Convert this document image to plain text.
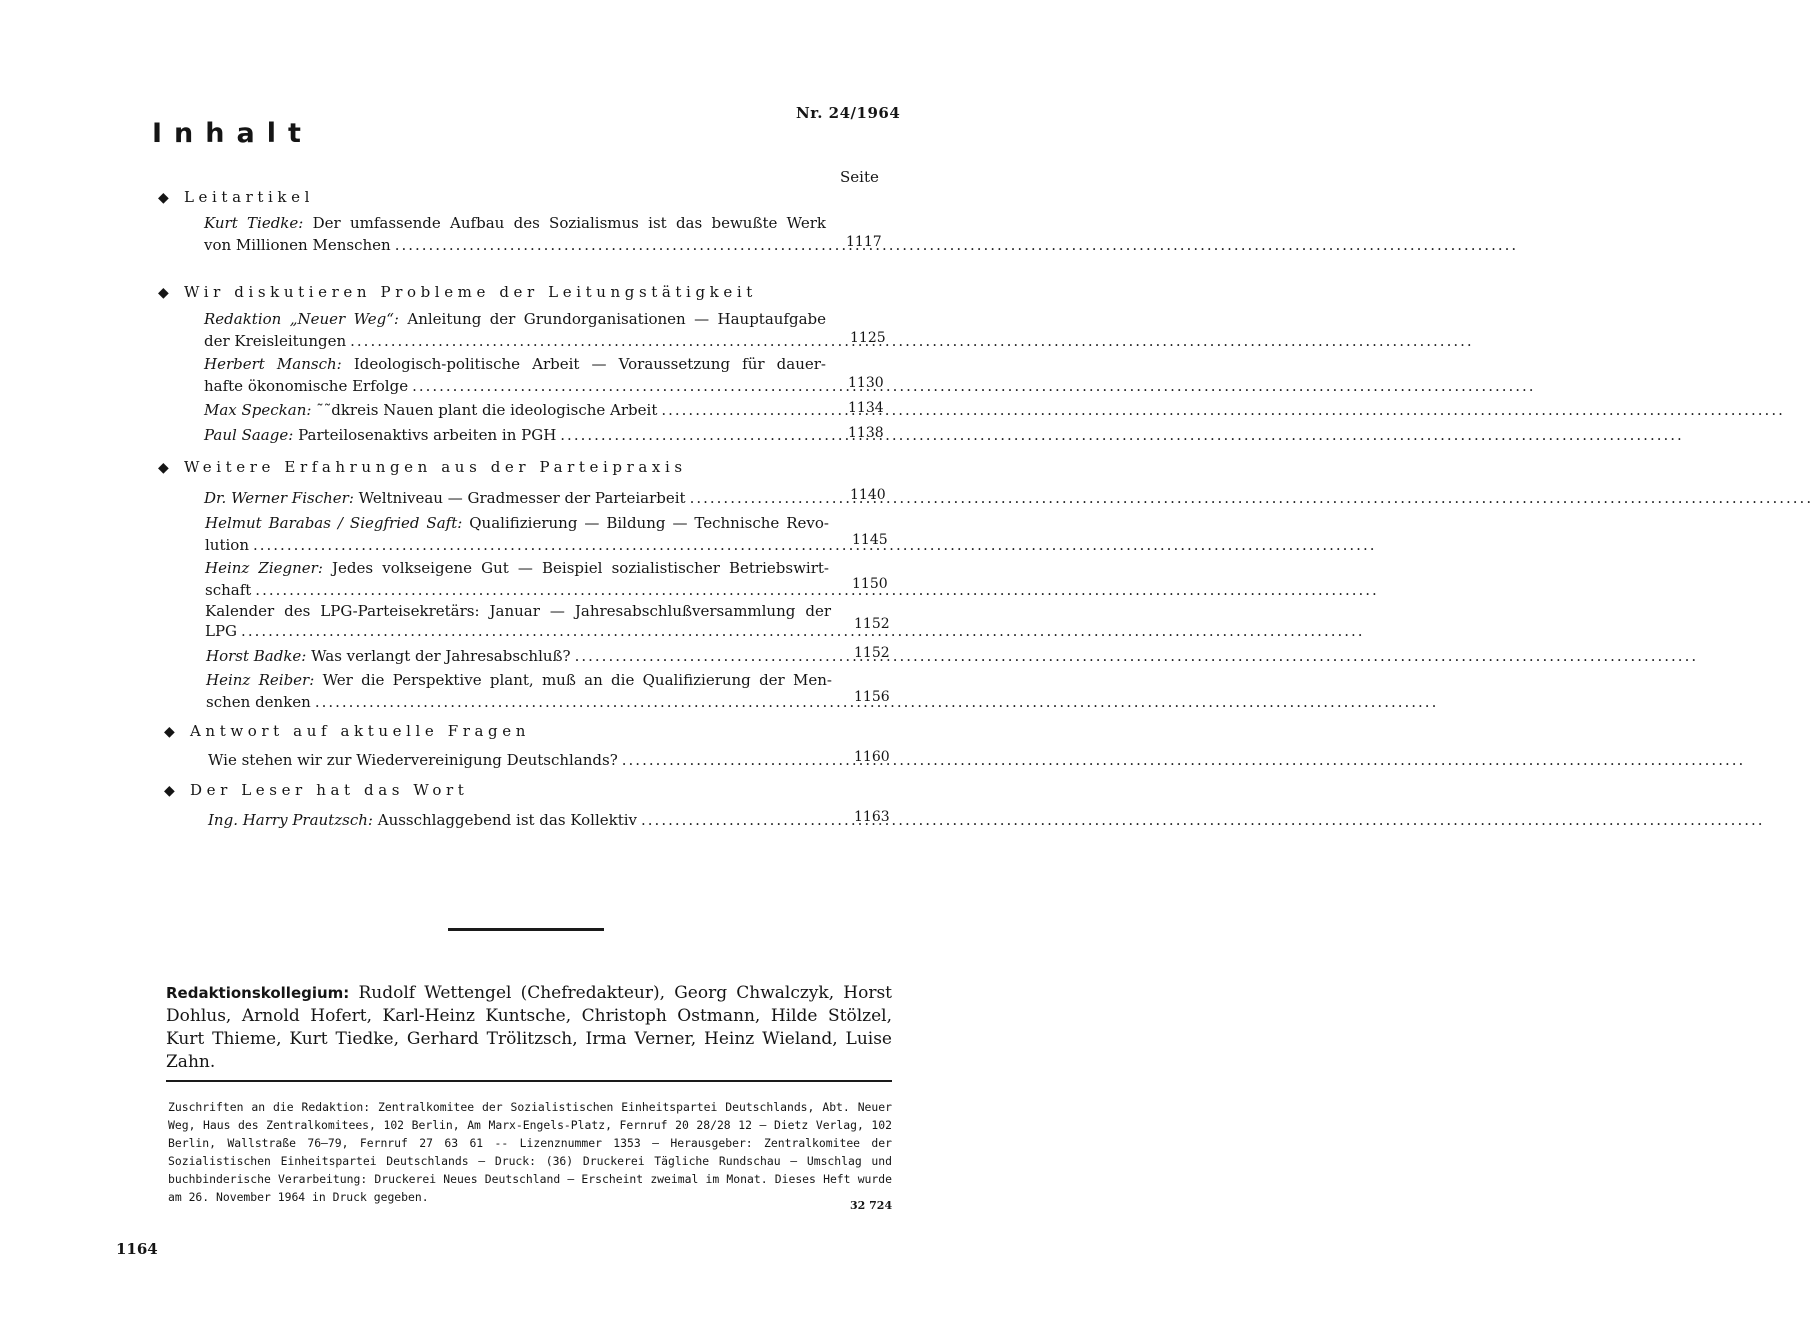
Nr. 24/1964
Inhalt
Seite
◆ Leitartikel
Kurt Tiedke: Der umfassende Aufbau des Sozialismus ist das bewußte Werk
von Millionen Menschen .....	1117
◆ Wir diskutieren Probleme der Leitungstätigkeit
Redaktion „Neuer Weg“: Anleitung der Grundorganisationen — Hauptaufgabe
der Kreisleitungen .....	1125
Herbert Mansch: Ideologisch-politische Arbeit — Voraussetzung für dauer-
hafte ökonomische Erfolge .....	1130
Max Speckan: ˜˜dkreis Nauen plant die ideologische Arbeit .....	1134
Paul Saage: Parteilosenaktivs arbeiten in PGH .....	1138
◆ Weitere Erfahrungen aus der Parteipraxis
Dr. Werner Fischer: Weltniveau — Gradmesser der Parteiarbeit .....	1140
Helmut Barabas / Siegfried Saft: Qualifizierung — Bildung — Technische Revo-
lution .....	1145
Heinz Ziegner: Jedes volkseigene Gut — Beispiel sozialistischer Betriebswirt-
schaft .....	1150
Kalender des LPG-Parteisekretärs: Januar — Jahresabschlußversammlung der
LPG .....	1152
Horst Badke: Was verlangt der Jahresabschluß? .....	1152
Heinz Reiber: Wer die Perspektive plant, muß an die Qualifizierung der Men-
schen denken .....	1156
◆ Antwort auf aktuelle Fragen
Wie stehen wir zur Wiedervereinigung Deutschlands? .....	1160
◆ Der Leser hat das Wort
Ing. Harry Prautzsch: Ausschlaggebend ist das Kollektiv .....	1163
Redaktionskollegium: Rudolf Wettengel (Chefredakteur), Georg Chwalczyk, Horst Dohlus, Arnold Hofert, Karl-Heinz Kuntsche, Christoph Ostmann, Hilde Stölzel, Kurt Thieme, Kurt Tiedke, Gerhard Trölitzsch, Irma Verner, Heinz Wieland, Luise Zahn.
Zuschriften an die Redaktion: Zentralkomitee der Sozialistischen Einheitspartei Deutschlands, Abt. Neuer Weg, Haus des Zentralkomitees, 102 Berlin, Am Marx-Engels-Platz, Fernruf 20 28/28 12 — Dietz Verlag, 102 Berlin, Wallstraße 76–79, Fernruf 27 63 61 -- Lizenznummer 1353 — Herausgeber: Zentralkomitee der Sozialistischen Einheitspartei Deutschlands — Druck: (36) Druckerei Tägliche Rundschau — Umschlag und buchbinderische Verarbeitung: Druckerei Neues Deutschland — Erscheint zweimal im Monat. Dieses Heft wurde am 26. November 1964 in Druck gegeben.
32 724
1164
